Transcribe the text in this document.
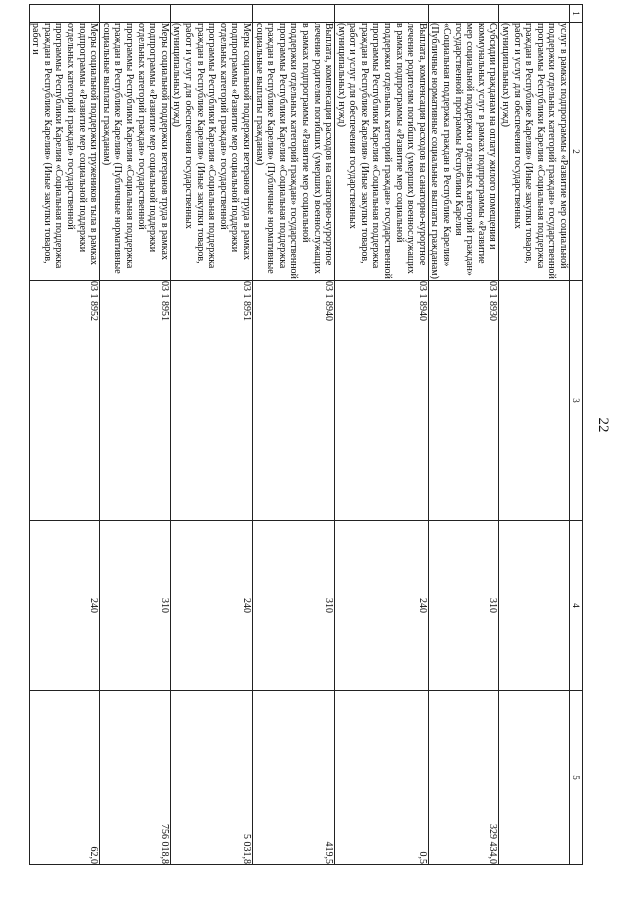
22
1	2	3	4	5
	услуг в рамках подпрограммы «Развитие мер социальной поддержки отдельных категорий граждан» государственной программы Республики Карелия «Социальная поддержка граждан в Республике Карелия» (Иные закупки товаров, работ и услуг для обеспечения государственных (муниципальных) нужд)			
	Субсидии гражданам на оплату жилого помещения и коммунальных услуг в рамках подпрограммы «Развитие мер социальной поддержки отдельных категорий граждан» государственной программы Республики Карелия «Социальная поддержка граждан в Республике Карелия» (Публичные нормативные социальные выплаты гражданам)	03 1 8930	310	329 434,0
	Выплата, компенсация расходов на санаторно-курортное лечение родителям погибших (умерших) военнослужащих в рамках подпрограммы «Развитие мер социальной поддержки отдельных категорий граждан» государственной программы Республики Карелия «Социальная поддержка граждан в Республике Карелия» (Иные закупки товаров, работ и услуг для обеспечения государственных (муниципальных) нужд)	03 1 8940	240	0,5
	Выплата, компенсация расходов на санаторно-курортное лечение родителям погибших (умерших) военнослужащих в рамках подпрограммы «Развитие мер социальной поддержки отдельных категорий граждан» государственной программы Республики Карелия «Социальная поддержка граждан в Республике Карелия» (Публичные нормативные социальные выплаты гражданам)	03 1 8940	310	419,5
	Меры социальной поддержки ветеранов труда в рамках подпрограммы «Развитие мер социальной поддержки отдельных категорий граждан» государственной программы Республики Карелия «Социальная поддержка граждан в Республике Карелия» (Иные закупки товаров, работ и услуг для обеспечения государственных (муниципальных) нужд)	03 1 8951	240	5 031,8
	Меры социальной поддержки ветеранов труда в рамках подпрограммы «Развитие мер социальной поддержки отдельных категорий граждан» государственной программы Республики Карелия «Социальная поддержка граждан в Республике Карелия» (Публичные нормативные социальные выплаты гражданам)	03 1 8951	310	756 018,8
	Меры социальной поддержки тружеников тыла в рамках подпрограммы «Развитие мер социальной поддержки отдельных категорий граждан» государственной программы Республики Карелия «Социальная поддержка граждан в Республике Карелия» (Иные закупки товаров, работ и	03 1 8952	240	62,0
